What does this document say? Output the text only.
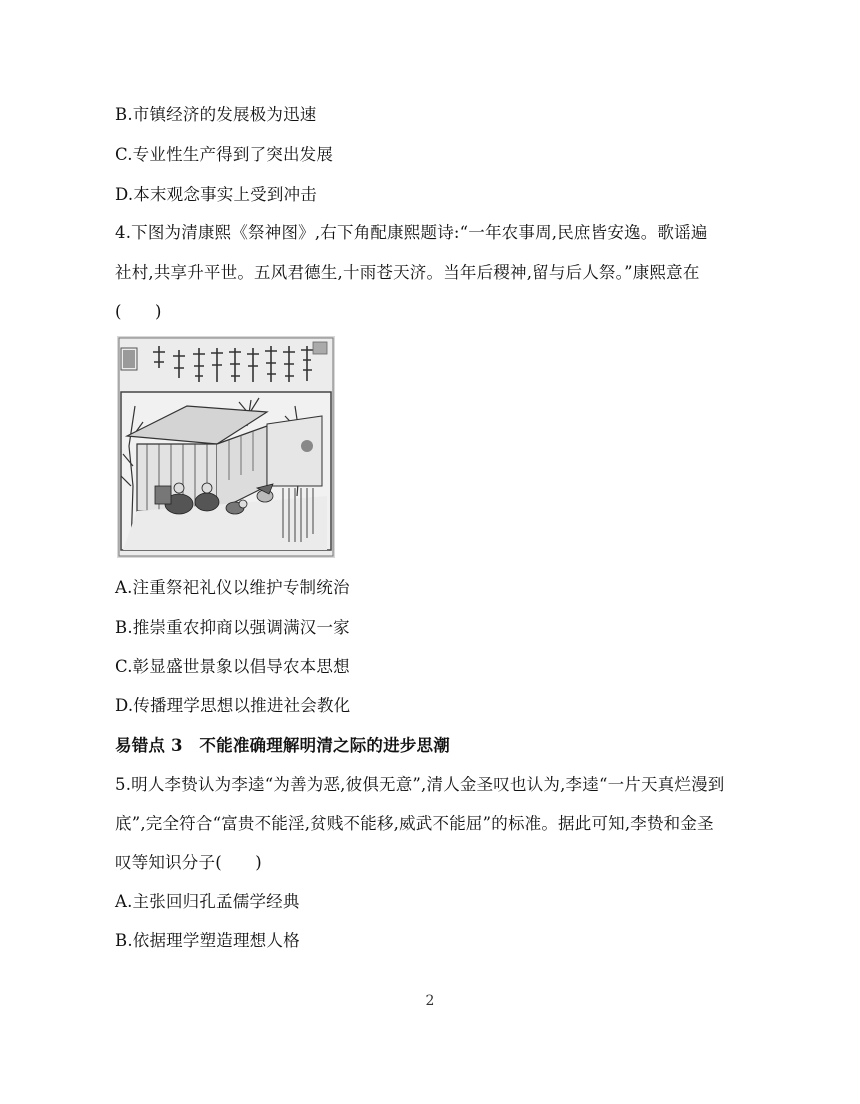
B.市镇经济的发展极为迅速
C.专业性生产得到了突出发展
D.本末观念事实上受到冲击
4.下图为清康熙《祭神图》,右下角配康熙题诗:“一年农事周,民庶皆安逸。歌谣遍
社村,共享升平世。五风君德生,十雨苍天济。当年后稷神,留与后人祭。”康熙意在
(　　)
A.注重祭祀礼仪以维护专制统治
B.推崇重农抑商以强调满汉一家
C.彰显盛世景象以倡导农本思想
D.传播理学思想以推进社会教化
易错点 3　不能准确理解明清之际的进步思潮
5.明人李贽认为李逵“为善为恶,彼俱无意”,清人金圣叹也认为,李逵“一片天真烂漫到
底”,完全符合“富贵不能淫,贫贱不能移,威武不能屈”的标准。据此可知,李贽和金圣
叹等知识分子(　　)
A.主张回归孔孟儒学经典
B.依据理学塑造理想人格
2
